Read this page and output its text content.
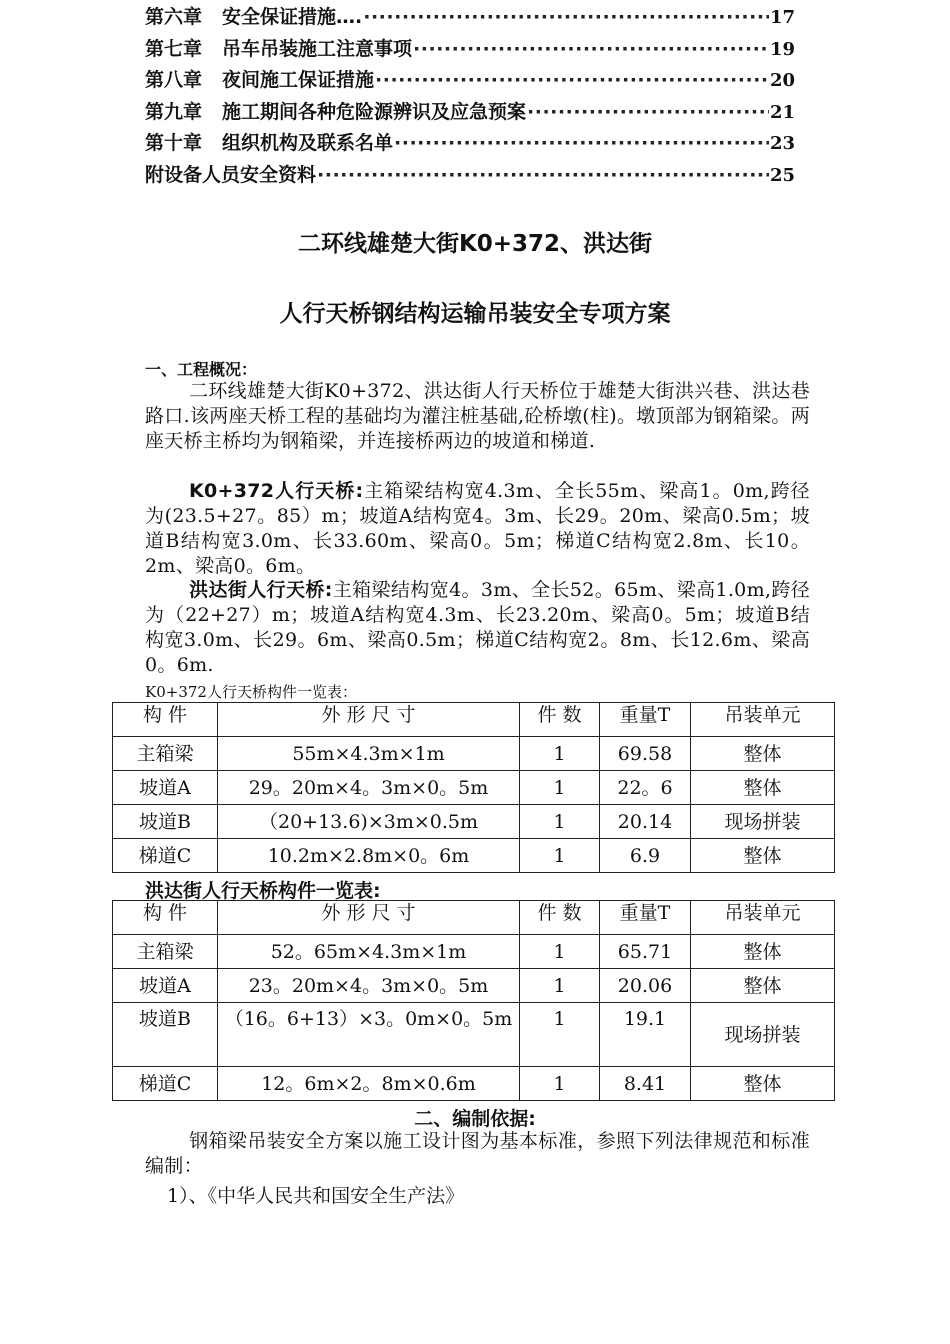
第六章 安全保证措施…. ·····	17
第七章 吊车吊装施工注意事项 ·····	19
第八章 夜间施工保证措施 ·····	20
第九章 施工期间各种危险源辨识及应急预案 ·····	21
第十章 组织机构及联系名单 ·····	23
附设备人员安全资料 ·····	25
二环线雄楚大街K0+372、洪达街
人行天桥钢结构运输吊装安全专项方案
一、工程概况：
二环线雄楚大街K0+372、洪达街人行天桥位于雄楚大街洪兴巷、洪达巷路口.该两座天桥工程的基础均为灌注桩基础,砼桥墩(柱)。墩顶部为钢箱梁。两座天桥主桥均为钢箱梁，并连接桥两边的坡道和梯道.
K0+372人行天桥:主箱梁结构宽4.3m、全长55m、梁高1。0m,跨径为(23.5+27。85）m；坡道A结构宽4。3m、长29。20m、梁高0.5m；坡道B结构宽3.0m、长33.60m、梁高0。5m；梯道C结构宽2.8m、长10。2m、梁高0。6m。
洪达街人行天桥:主箱梁结构宽4。3m、全长52。65m、梁高1.0m,跨径为（22+27）m；坡道A结构宽4.3m、长23.20m、梁高0。5m；坡道B结构宽3.0m、长29。6m、梁高0.5m；梯道C结构宽2。8m、长12.6m、梁高0。6m.
K0+372人行天桥构件一览表：
构 件	外 形 尺 寸	件 数	重量T	吊装单元
主箱梁	55m×4.3m×1m	1	69.58	整体
坡道A	29。20m×4。3m×0。5m	1	22。6	整体
坡道B	（20+13.6)×3m×0.5m	1	20.14	现场拼装
梯道C	10.2m×2.8m×0。6m	1	6.9	整体
洪达街人行天桥构件一览表:
构 件	外 形 尺 寸	件 数	重量T	吊装单元
主箱梁	52。65m×4.3m×1m	1	65.71	整体
坡道A	23。20m×4。3m×0。5m	1	20.06	整体
坡道B	（16。6+13）×3。0m×0。5m	1	19.1	现场拼装
梯道C	12。6m×2。8m×0.6m	1	8.41	整体
二、编制依据:
钢箱梁吊装安全方案以施工设计图为基本标准，参照下列法律规范和标准编制：
1）、《中华人民共和国安全生产法》
